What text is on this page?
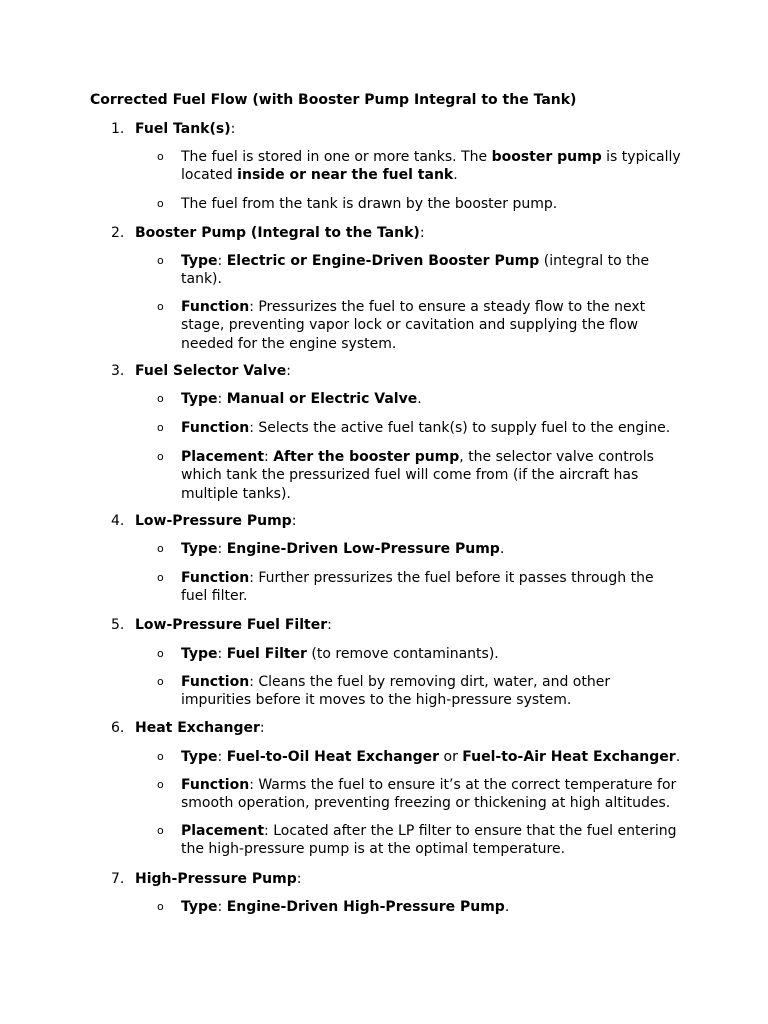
Corrected Fuel Flow (with Booster Pump Integral to the Tank)
1. Fuel Tank(s):
o The fuel is stored in one or more tanks. The booster pump is typically located inside or near the fuel tank.
o The fuel from the tank is drawn by the booster pump.
2. Booster Pump (Integral to the Tank):
o Type: Electric or Engine-Driven Booster Pump (integral to the tank).
o Function: Pressurizes the fuel to ensure a steady flow to the next stage, preventing vapor lock or cavitation and supplying the flow needed for the engine system.
3. Fuel Selector Valve:
o Type: Manual or Electric Valve.
o Function: Selects the active fuel tank(s) to supply fuel to the engine.
o Placement: After the booster pump, the selector valve controls which tank the pressurized fuel will come from (if the aircraft has multiple tanks).
4. Low-Pressure Pump:
o Type: Engine-Driven Low-Pressure Pump.
o Function: Further pressurizes the fuel before it passes through the fuel filter.
5. Low-Pressure Fuel Filter:
o Type: Fuel Filter (to remove contaminants).
o Function: Cleans the fuel by removing dirt, water, and other impurities before it moves to the high-pressure system.
6. Heat Exchanger:
o Type: Fuel-to-Oil Heat Exchanger or Fuel-to-Air Heat Exchanger.
o Function: Warms the fuel to ensure it’s at the correct temperature for smooth operation, preventing freezing or thickening at high altitudes.
o Placement: Located after the LP filter to ensure that the fuel entering the high-pressure pump is at the optimal temperature.
7. High-Pressure Pump:
o Type: Engine-Driven High-Pressure Pump.
